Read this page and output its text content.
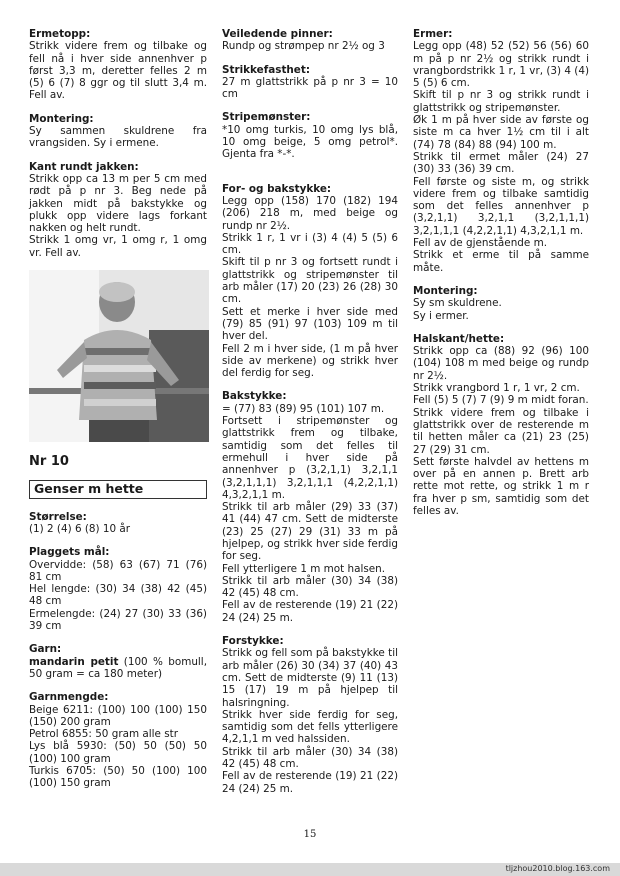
Ermetopp:
Strikk videre frem og tilbake og fell nå i hver side annenhver p først 3,3 m, deretter felles 2 m (5) 6 (7) 8 ggr og til slutt 3,4 m. Fell av.
Montering:
Sy sammen skuldrene fra vrangsiden. Sy i ermene.
Kant rundt jakken:
Strikk opp ca 13 m per 5 cm med rødt på p nr 3. Beg nede på jakken midt på bakstykke og plukk opp videre lags forkant nakken og helt rundt.
Strikk 1 omg vr, 1 omg r, 1 omg vr. Fell av.
Nr 10
Genser m hette
Størrelse:
(1) 2 (4) 6 (8) 10 år
Plaggets mål:
Overvidde: (58) 63 (67) 71 (76) 81 cm
Hel lengde: (30) 34 (38) 42 (45) 48 cm
Ermelengde: (24) 27 (30) 33 (36) 39 cm
Garn:
mandarin petit (100 % bomull, 50 gram = ca 180 meter)
Garnmengde:
Beige 6211: (100) 100 (100) 150 (150) 200 gram
Petrol 6855: 50 gram alle str
Lys blå 5930: (50) 50 (50) 50 (100) 100 gram
Turkis 6705: (50) 50 (100) 100 (100) 150 gram
Veiledende pinner:
Rundp og strømpep nr 2½ og 3
Strikkefasthet:
27 m glattstrikk på p nr 3 = 10 cm
Stripemønster:
*10 omg turkis, 10 omg lys blå, 10 omg beige, 5 omg petrol*. Gjenta fra *-*.
For- og bakstykke:
Legg opp (158) 170 (182) 194 (206) 218 m, med beige og rundp nr 2½.
Strikk 1 r, 1 vr i (3) 4 (4) 5 (5) 6 cm.
Skift til p nr 3 og fortsett rundt i glattstrikk og stripemønster til arb måler (17) 20 (23) 26 (28) 30 cm.
Sett et merke i hver side med (79) 85 (91) 97 (103) 109 m til hver del.
Fell 2 m i hver side, (1 m på hver side av merkene) og strikk hver del ferdig for seg.
Bakstykke:
= (77) 83 (89) 95 (101) 107 m.
Fortsett i stripemønster og glattstrikk frem og tilbake, samtidig som det felles til ermehull i hver side på annenhver p (3,2,1,1) 3,2,1,1 (3,2,1,1,1) 3,2,1,1,1 (4,2,2,1,1) 4,3,2,1,1 m.
Strikk til arb måler (29) 33 (37) 41 (44) 47 cm. Sett de midterste (23) 25 (27) 29 (31) 33 m på hjelpep, og strikk hver side ferdig for seg.
Fell ytterligere 1 m mot halsen.
Strikk til arb måler (30) 34 (38) 42 (45) 48 cm.
Fell av de resterende (19) 21 (22) 24 (24) 25 m.
Forstykke:
Strikk og fell som på bakstykke til arb måler (26) 30 (34) 37 (40) 43 cm. Sett de midterste (9) 11 (13) 15 (17) 19 m på hjelpep til halsringning.
Strikk hver side ferdig for seg, samtidig som det fells ytterligere 4,2,1,1 m ved halssiden.
Strikk til arb måler (30) 34 (38) 42 (45) 48 cm.
Fell av de resterende (19) 21 (22) 24 (24) 25 m.
Ermer:
Legg opp (48) 52 (52) 56 (56) 60 m på p nr 2½ og strikk rundt i vrangbordstrikk 1 r, 1 vr, (3) 4 (4) 5 (5) 6 cm.
Skift til p nr 3 og strikk rundt i glattstrikk og stripemønster.
Øk 1 m på hver side av første og siste m ca hver 1½ cm til i alt (74) 78 (84) 88 (94) 100 m.
Strikk til ermet måler (24) 27 (30) 33 (36) 39 cm.
Fell første og siste m, og strikk videre frem og tilbake samtidig som det felles annenhver p (3,2,1,1) 3,2,1,1 (3,2,1,1,1) 3,2,1,1,1 (4,2,2,1,1) 4,3,2,1,1 m.
Fell av de gjenstående m.
Strikk et erme til på samme måte.
Montering:
Sy sm skuldrene.
Sy i ermer.
Halskant/hette:
Strikk opp ca (88) 92 (96) 100 (104) 108 m med beige og rundp nr 2½.
Strikk vrangbord 1 r, 1 vr, 2 cm.
Fell (5) 5 (7) 7 (9) 9 m midt foran.
Strikk videre frem og tilbake i glattstrikk over de resterende m til hetten måler ca (21) 23 (25) 27 (29) 31 cm.
Sett første halvdel av hettens m over på en annen p. Brett arb rette mot rette, og strikk 1 m r fra hver p sm, samtidig som det felles av.
15
tljzhou2010.blog.163.com
